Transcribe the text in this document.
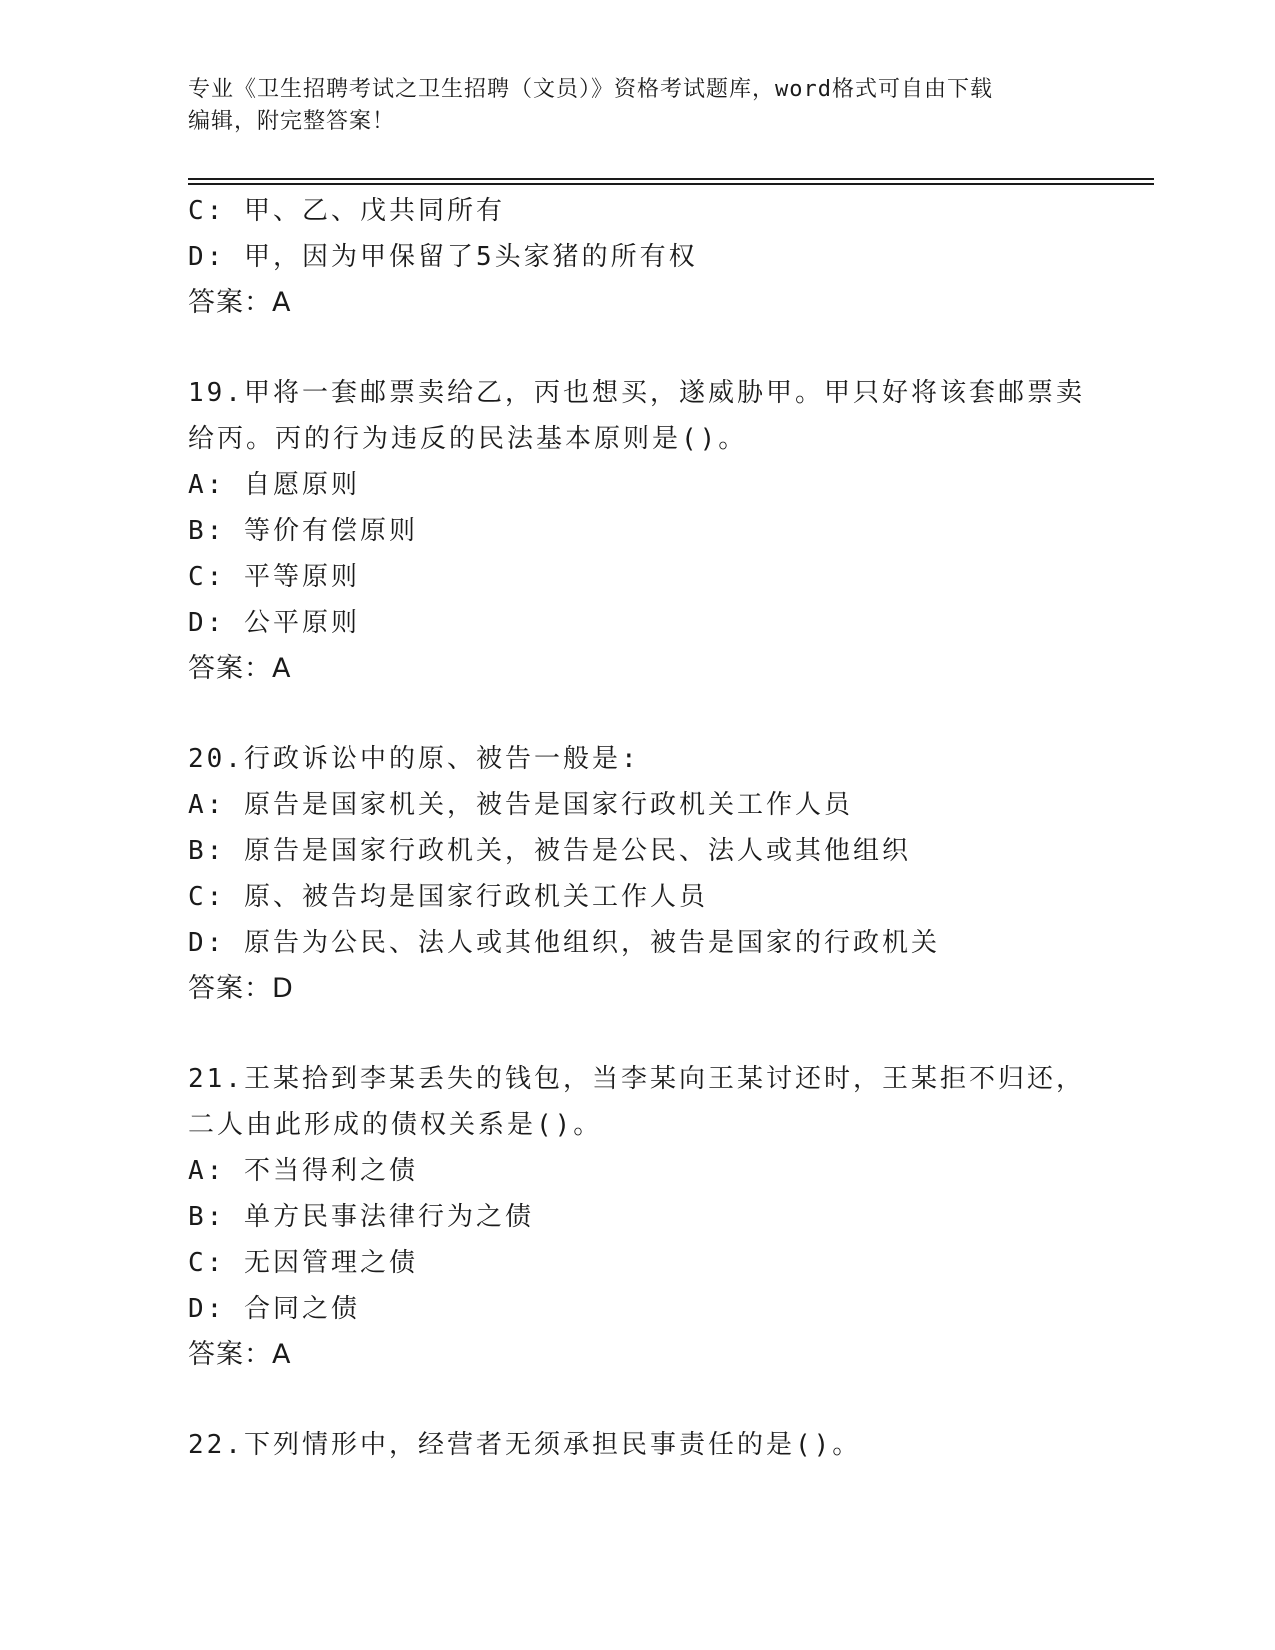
专业《卫生招聘考试之卫生招聘（文员）》资格考试题库，word格式可自由下载
编辑，附完整答案！
C: 甲、乙、戊共同所有
D: 甲，因为甲保留了5头家猪的所有权
答案：A
19.甲将一套邮票卖给乙，丙也想买，遂威胁甲。甲只好将该套邮票卖
给丙。丙的行为违反的民法基本原则是()。
A: 自愿原则
B: 等价有偿原则
C: 平等原则
D: 公平原则
答案：A
20.行政诉讼中的原、被告一般是:
A: 原告是国家机关，被告是国家行政机关工作人员
B: 原告是国家行政机关，被告是公民、法人或其他组织
C: 原、被告均是国家行政机关工作人员
D: 原告为公民、法人或其他组织，被告是国家的行政机关
答案：D
21.王某拾到李某丢失的钱包，当李某向王某讨还时，王某拒不归还，
二人由此形成的债权关系是()。
A: 不当得利之债
B: 单方民事法律行为之债
C: 无因管理之债
D: 合同之债
答案：A
22.下列情形中，经营者无须承担民事责任的是()。
